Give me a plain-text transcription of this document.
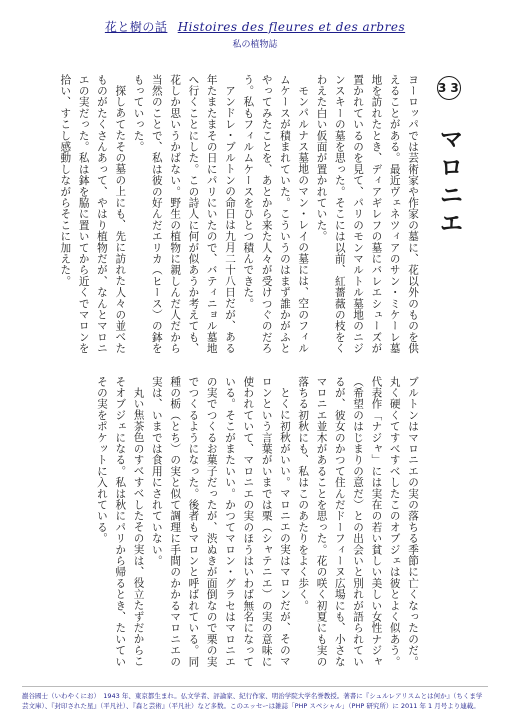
花と樹の話 Histoires des fleures et des arbres
私の植物誌
33 マロニエ

ヨーロッパでは芸術家や作家の墓に、花以外のものを供えることがある。最近ヴェネツィアのサン・ミケーレ墓地を訪れたとき、ディアギレフの墓にバレエシューズが置かれているのを見て、パリのモンマルトル墓地のニジンスキーの墓を思った。そこには以前、紅薔薇の枝をくわえた白い仮面が置かれていた。

モンパルナス墓地のマン・レイの墓には、空のフィルムケースが積まれていた。こういうのはまず誰かがふとやってみたことを、あとから来た人々が受けつぐのだろう。私もフィルムケースをひとつ積んできた。

アンドレ・ブルトンの命日は九月二十八日だが、ある年たまたまその日にパリにいたので、バティニョル墓地へ行くことにした。この詩人に何が似あうか考えても、花しか思いうかばない。野生の植物に親しんだ人だから当然のことで、私は彼の好んだエリカ（ヒース）の鉢をもっていった。

探しあてたその墓の上にも、先に訪れた人々の並べたものがたくさんあって、やはり植物だが、なんとマロニエの実だった。私は鉢を脇に置いてから近くでマロンを拾い、すこし感動しながらそこに加えた。

ブルトンはマロニエの実の落ちる季節に亡くなったのだ。丸く硬くてすべすべしたこのオブジェは彼とよく似あう。代表作「ナジャ」には実在の若い貧しい美しい女性ナジャ（希望のはじまりの意だ）との出会いと別れが語られているが、彼女のかつて住んだドーフィーヌ広場にも、小さなマロニエ並木があることを思った。花の咲く初夏にも実の落ちる初秋にも、私はこのあたりをよく歩く。

とくに初秋がいい。マロニエの実はマロンだが、そのマロンという言葉がいまでは栗（シャテニエ）の実の意味に使われていて、マロニエの実のほうはいわば無名になっている。そこがまたいい。かつてマロン・グラセはマロニエの実でつくるお菓子だったが、渋ぬきが面倒なので栗の実でつくるようになった。後者もマロンと呼ばれている。同種の栃（とち）の実と似て調理に手間のかかるマロニエの実は、いまでは食用にされていない。

丸い焦茶色のすべすべしたその実は、役立たずだからこそオブジェになる。私は秋にパリから帰るとき、たいていその実をポケットに入れている。

巖谷國士（いわやくにお）　1943 年、東京都生まれ。仏文学者、評論家、紀行作家、明治学院大学名誉教授。著書に『シュルレアリスムとは何か』（ちくま学芸文庫）、『封印された星』（平凡社）、『森と芸術』（平凡社）など多数。このエッセーは雑誌「PHP スペシャル」（PHP 研究所）に 2011 年 1 月号より連載。
